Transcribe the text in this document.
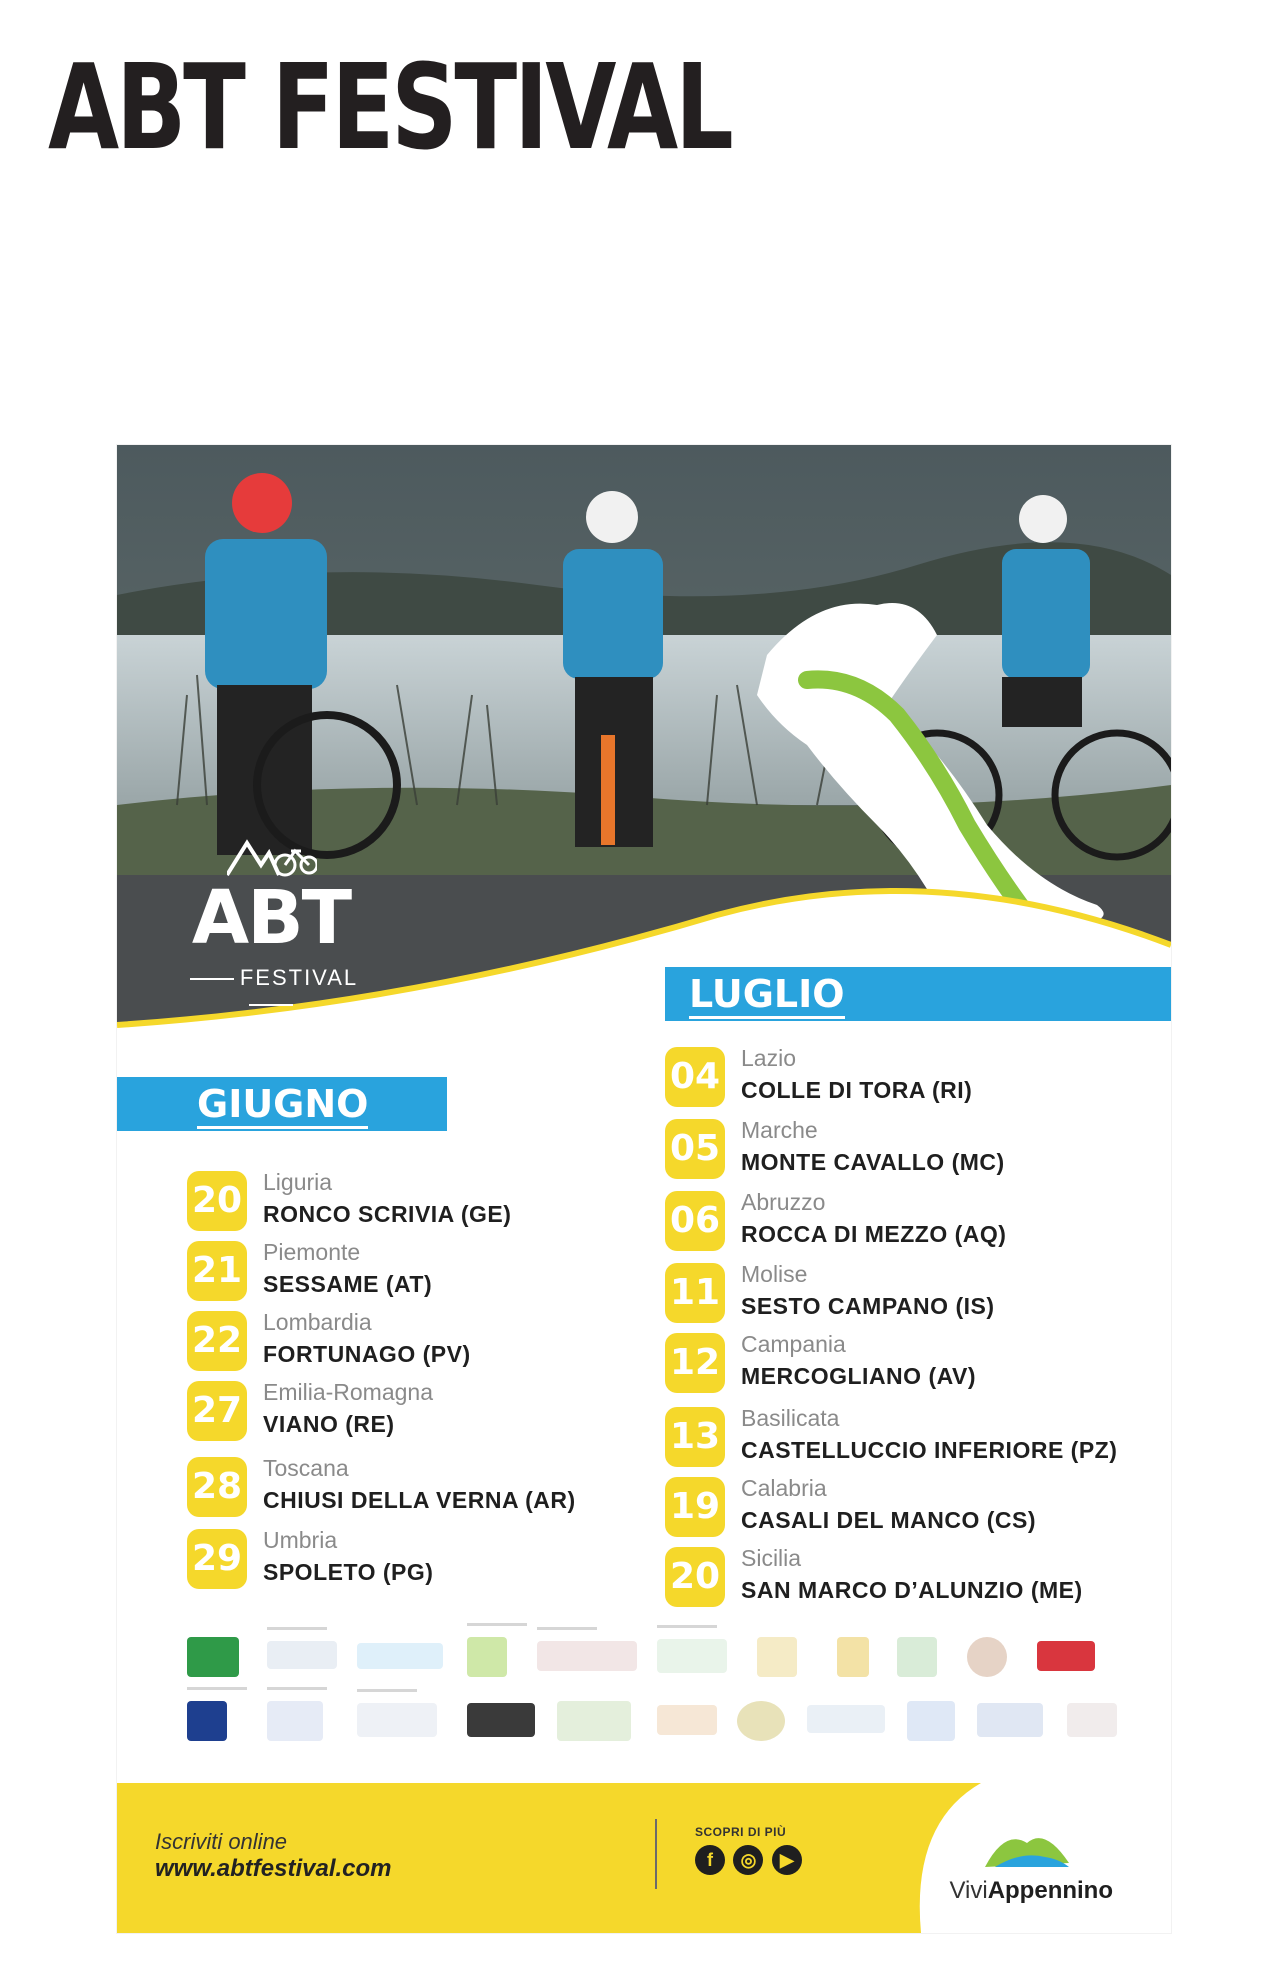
ABT FESTIVAL
ABT
FESTIVAL	LUGLIO
GIUGNO
20 Liguria
RONCO SCRIVIA (GE)
21 Piemonte
SESSAME (AT)
22 Lombardia
FORTUNAGO (PV)
27 Emilia-Romagna
VIANO (RE)
28 Toscana
CHIUSI DELLA VERNA (AR)
29 Umbria
SPOLETO (PG)
04 Lazio
COLLE DI TORA (RI)
05 Marche
MONTE CAVALLO (MC)
06 Abruzzo
ROCCA DI MEZZO (AQ)
11 Molise
SESTO CAMPANO (IS)
12 Campania
MERCOGLIANO (AV)
13 Basilicata
CASTELLUCCIO INFERIORE (PZ)
19 Calabria
CASALI DEL MANCO (CS)
20 Sicilia
SAN MARCO D’ALUNZIO (ME)
Iscriviti online
www.abtfestival.com
SCOPRI DI PIÙ
f ◎ ▶
ViviAppennino
